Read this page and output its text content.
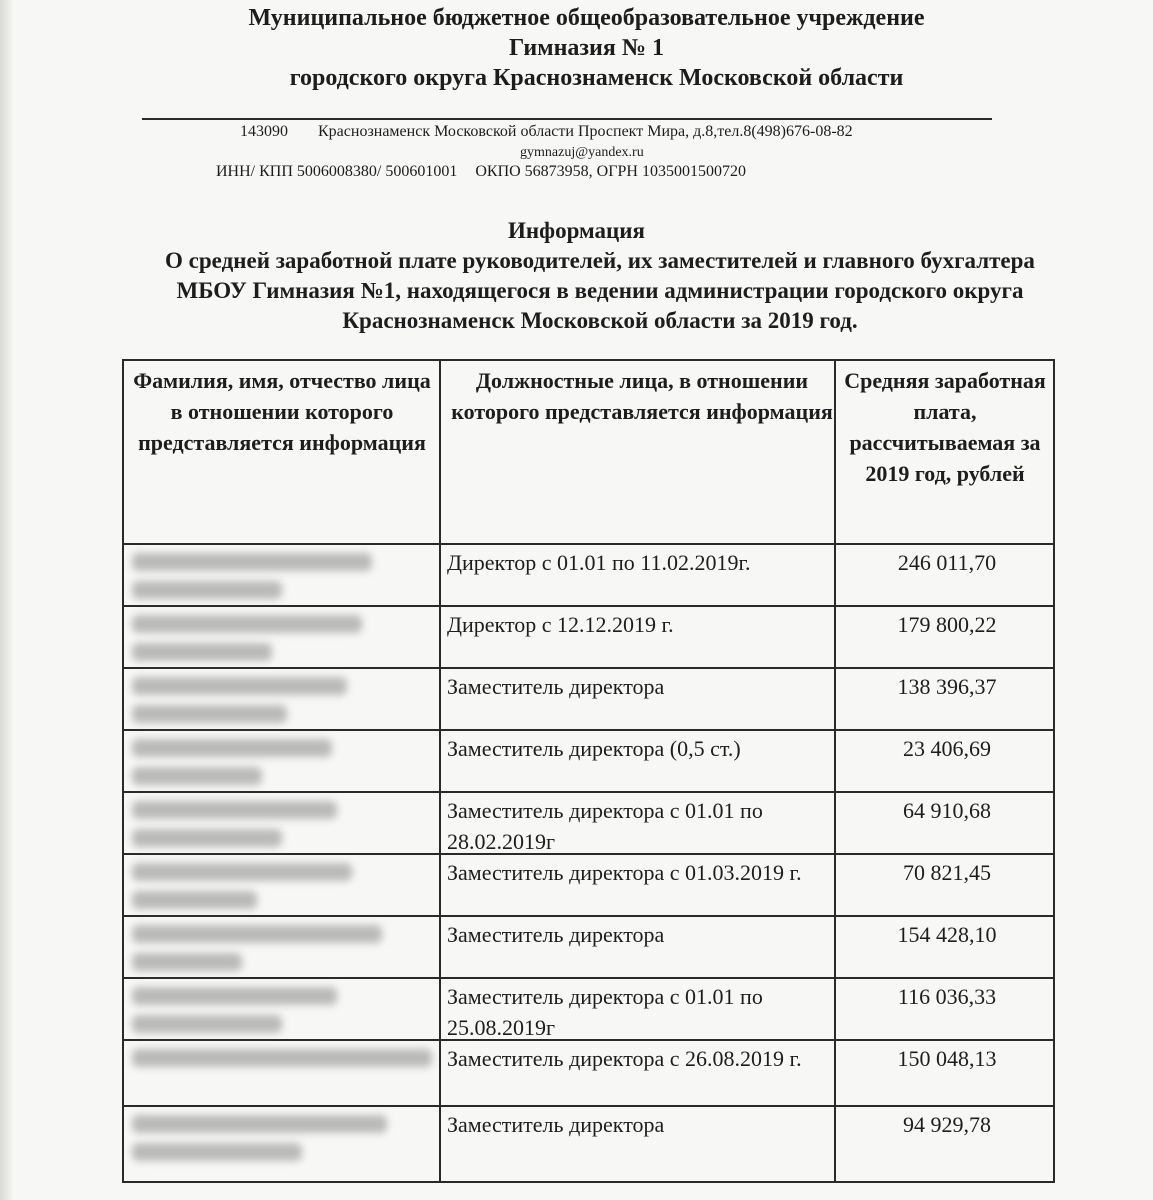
Муниципальное бюджетное общеобразовательное учреждение
Гимназия № 1
городского округа Краснознаменск Московской области
143090 Краснознаменск Московской области Проспект Мира, д.8,тел.8(498)676-08-82
gymnazuj@yandex.ru
ИНН/ КПП 5006008380/ 500601001 ОКПО 56873958, ОГРН 1035001500720
Информация
О средней заработной плате руководителей, их заместителей и главного бухгалтера МБОУ Гимназия №1, находящегося в ведении администрации городского округа Краснознаменск Московской области за 2019 год.
Фамилия, имя, отчество лица в отношении которого представляется информация
Должностные лица, в отношении которого представляется информация
Средняя заработная плата, рассчитываемая за 2019 год, рублей
Директор с 01.01 по 11.02.2019г.
Директор с 12.12.2019 г.
Заместитель директора
Заместитель директора (0,5 ст.)
Заместитель директора с 01.01 по 28.02.2019г
Заместитель директора с 01.03.2019 г.
Заместитель директора
Заместитель директора с 01.01 по 25.08.2019г
Заместитель директора с 26.08.2019 г.
Заместитель директора
246 011,70
179 800,22
138 396,37
23 406,69
64 910,68
70 821,45
154 428,10
116 036,33
150 048,13
94 929,78
